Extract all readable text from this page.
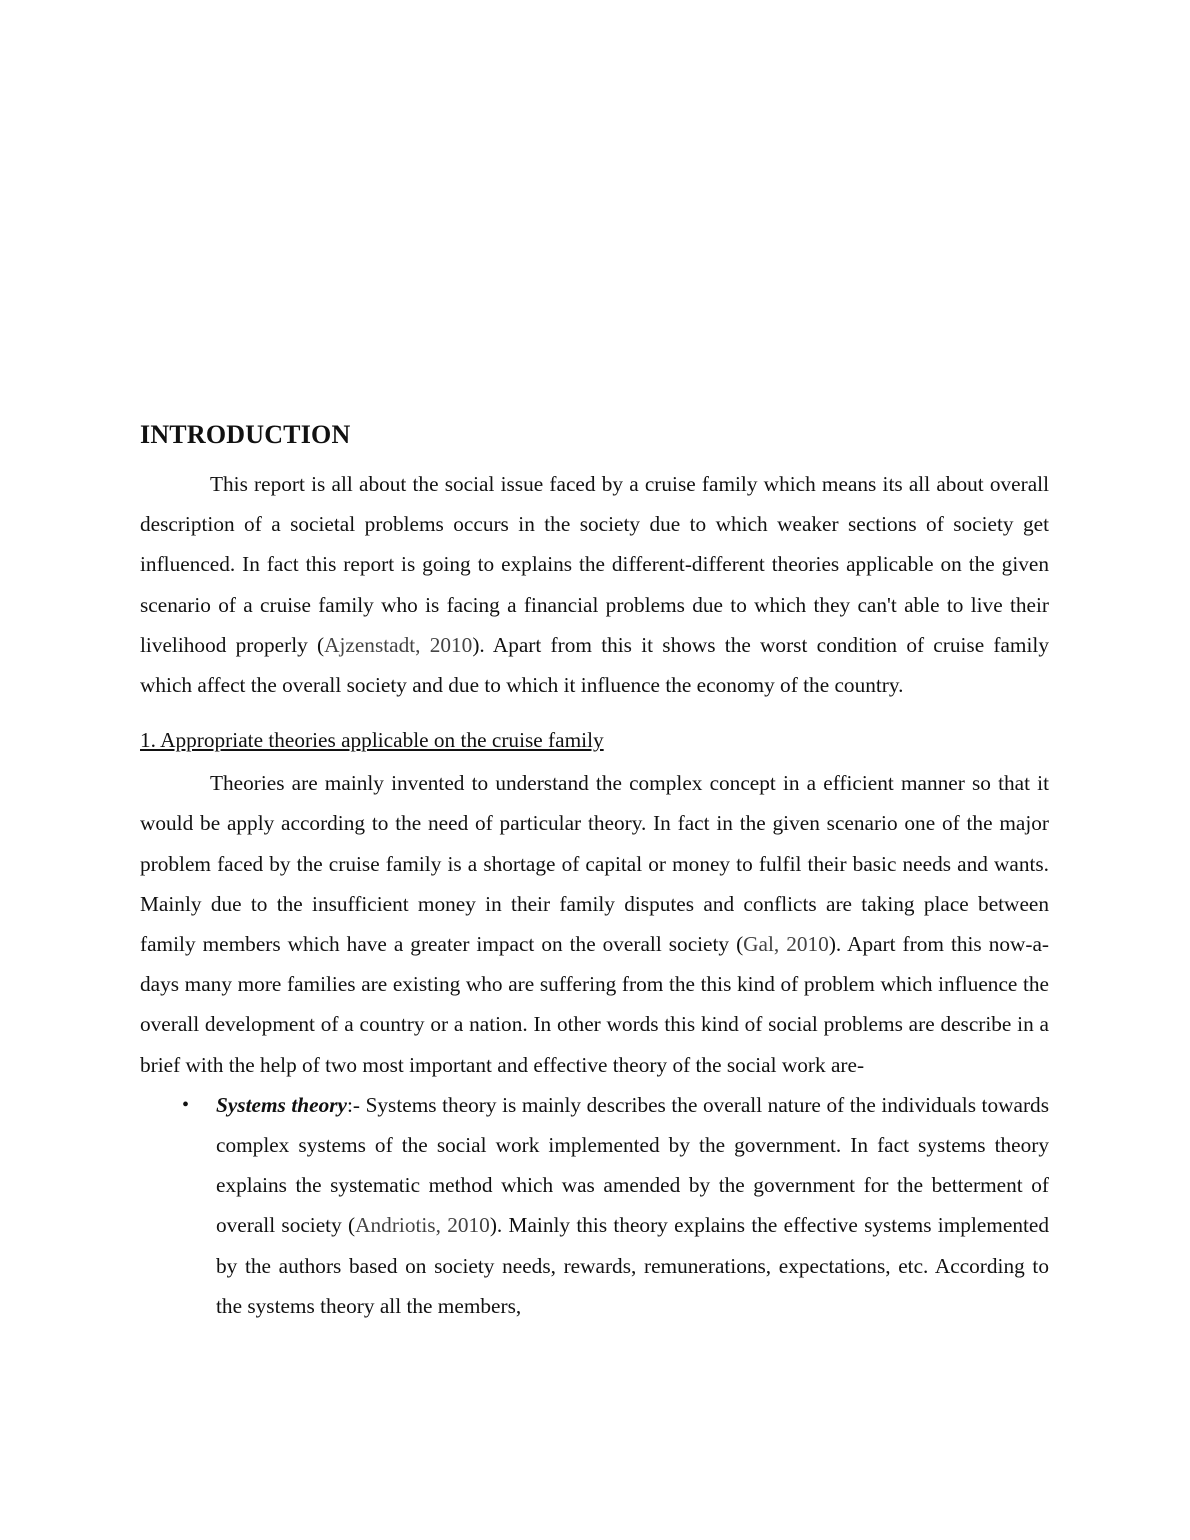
INTRODUCTION

This report is all about the social issue faced by a cruise family which means its all about overall description of a societal problems occurs in the society due to which weaker sections of society get influenced. In fact this report is going to explains the different-different theories applicable on the given scenario of a cruise family who is facing a financial problems due to which they can't able to live their livelihood properly (Ajzenstadt, 2010). Apart from this it shows the worst condition of cruise family which affect the overall society and due to which it influence the economy of the country.

1. Appropriate theories applicable on the cruise family

Theories are mainly invented to understand the complex concept in a efficient manner so that it would be apply according to the need of particular theory. In fact in the given scenario one of the major problem faced by the cruise family is a shortage of capital or money to fulfil their basic needs and wants. Mainly due to the insufficient money in their family disputes and conflicts are taking place between family members which have a greater impact on the overall society (Gal, 2010). Apart from this now-a-days many more families are existing who are suffering from the this kind of problem which influence the overall development of a country or a nation. In other words this kind of social problems are describe in a brief with the help of two most important and effective theory of the social work are-

• Systems theory:- Systems theory is mainly describes the overall nature of the individuals towards complex systems of the social work implemented by the government. In fact systems theory explains the systematic method which was amended by the government for the betterment of overall society (Andriotis, 2010). Mainly this theory explains the effective systems implemented by the authors based on society needs, rewards, remunerations, expectations, etc. According to the systems theory all the members,
